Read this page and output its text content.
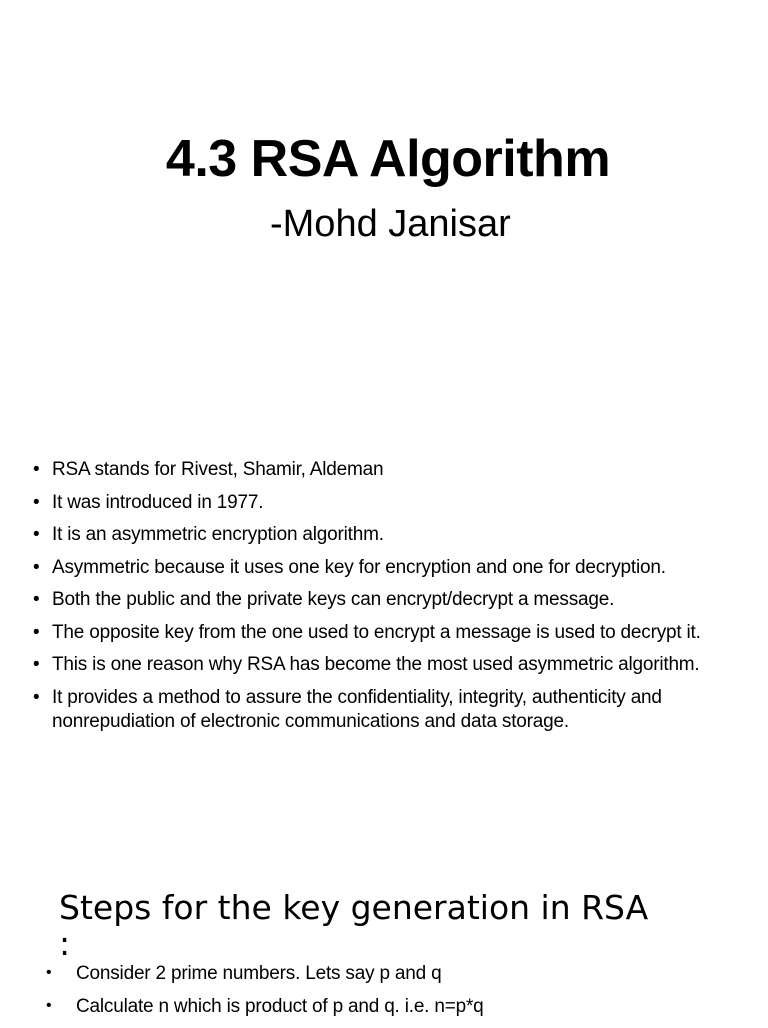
4.3 RSA Algorithm
-Mohd Janisar
• RSA stands for Rivest, Shamir, Aldeman
• It was introduced in 1977.
• It is an asymmetric encryption algorithm.
• Asymmetric because it uses one key for encryption and one for decryption.
• Both the public and the private keys can encrypt/decrypt a message.
• The opposite key from the one used to encrypt a message is used to decrypt it.
• This is one reason why RSA has become the most used asymmetric algorithm.
• It provides a method to assure the confidentiality, integrity, authenticity and nonrepudiation of electronic communications and data storage.
Steps for the key generation in RSA :
• Consider 2 prime numbers. Lets say p and q
• Calculate n which is product of p and q. i.e. n=p*q
